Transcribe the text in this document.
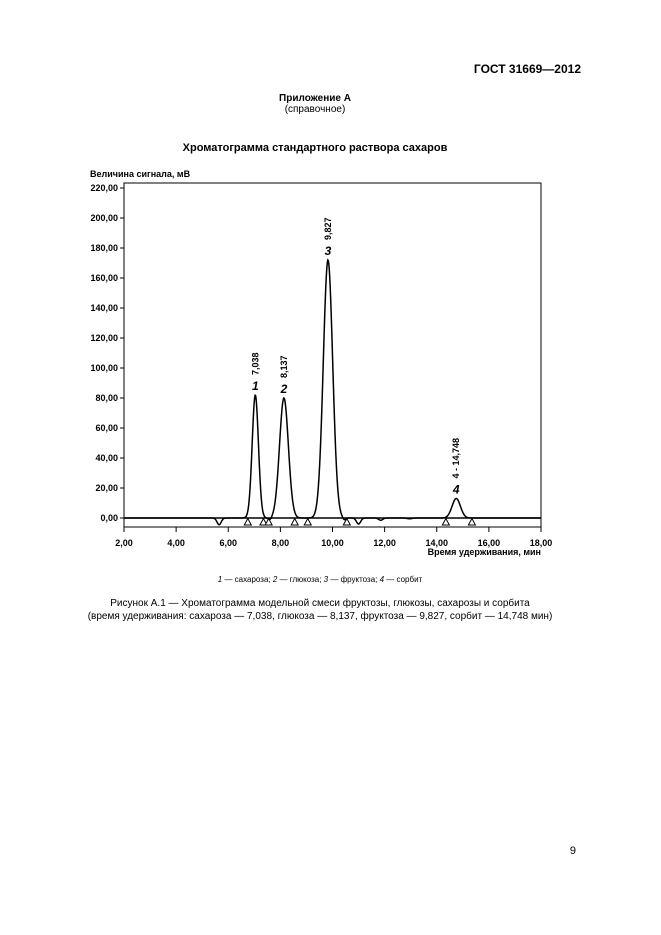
ГОСТ 31669—2012
Приложение А
(справочное)
Хроматограмма стандартного раствора сахаров
0,00
20,00
40,00
60,00
80,00
100,00
120,00
140,00
160,00
180,00
200,00
220,00
2,00	4,00	6,00	8,00	10,00	12,00	14,00	16,00	18,00
1
7,038
2
8,137
3
9,827
4
4 - 14,748
Величина сигнала, мВ
Время удерживания, мин
1 — сахароза; 2 — глюкоза; 3 — фруктоза; 4 — сорбит
Рисунок А.1 — Хроматограмма модельной смеси фруктозы, глюкозы, сахарозы и сорбита
(время удерживания: сахароза — 7,038, глюкоза — 8,137, фруктоза — 9,827, сорбит — 14,748 мин)
9
